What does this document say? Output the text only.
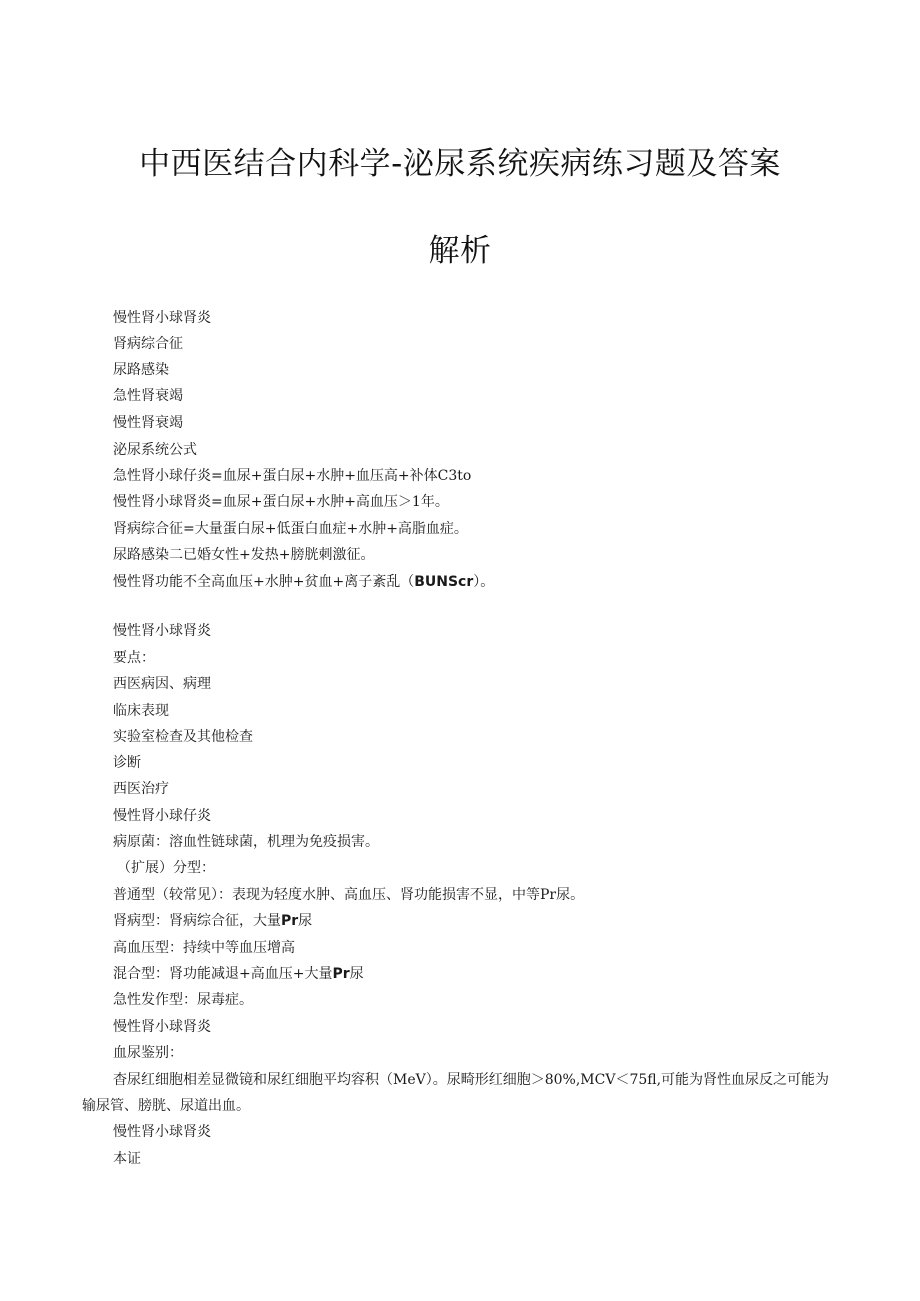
中西医结合内科学-泌尿系统疾病练习题及答案
解析
慢性肾小球肾炎
肾病综合征
尿路感染
急性肾衰竭
慢性肾衰竭
泌尿系统公式
急性肾小球仔炎=血尿+蛋白尿+水肿+血压高+补体C3to
慢性肾小球肾炎=血尿+蛋白尿+水肿+高血压＞1年。
肾病综合征=大量蛋白尿+低蛋白血症+水肿+高脂血症。
尿路感染二已婚女性+发热+膀胱刺激征。
慢性肾功能不全高血压+水肿+贫血+离子紊乱（BUNScr）。
慢性肾小球肾炎
要点：
西医病因、病理
临床表现
实验室检查及其他检查
诊断
西医治疗
慢性肾小球仔炎
病原菌：溶血性链球菌，机理为免疫损害。
（扩展）分型：
普通型（较常见）：表现为轻度水肿、高血压、肾功能损害不显，中等Pr尿。
肾病型：肾病综合征，大量Pr尿
高血压型：持续中等血压增高
混合型：肾功能减退+高血压+大量Pr尿
急性发作型：尿毒症。
慢性肾小球肾炎
血尿鉴别：
杳尿红细胞相差显微镜和尿红细胞平均容积（MeV）。尿畸形红细胞＞80%,MCV＜75fl,可能为肾性血尿反之可能为输尿管、膀胱、尿道出血。
慢性肾小球肾炎
本证
